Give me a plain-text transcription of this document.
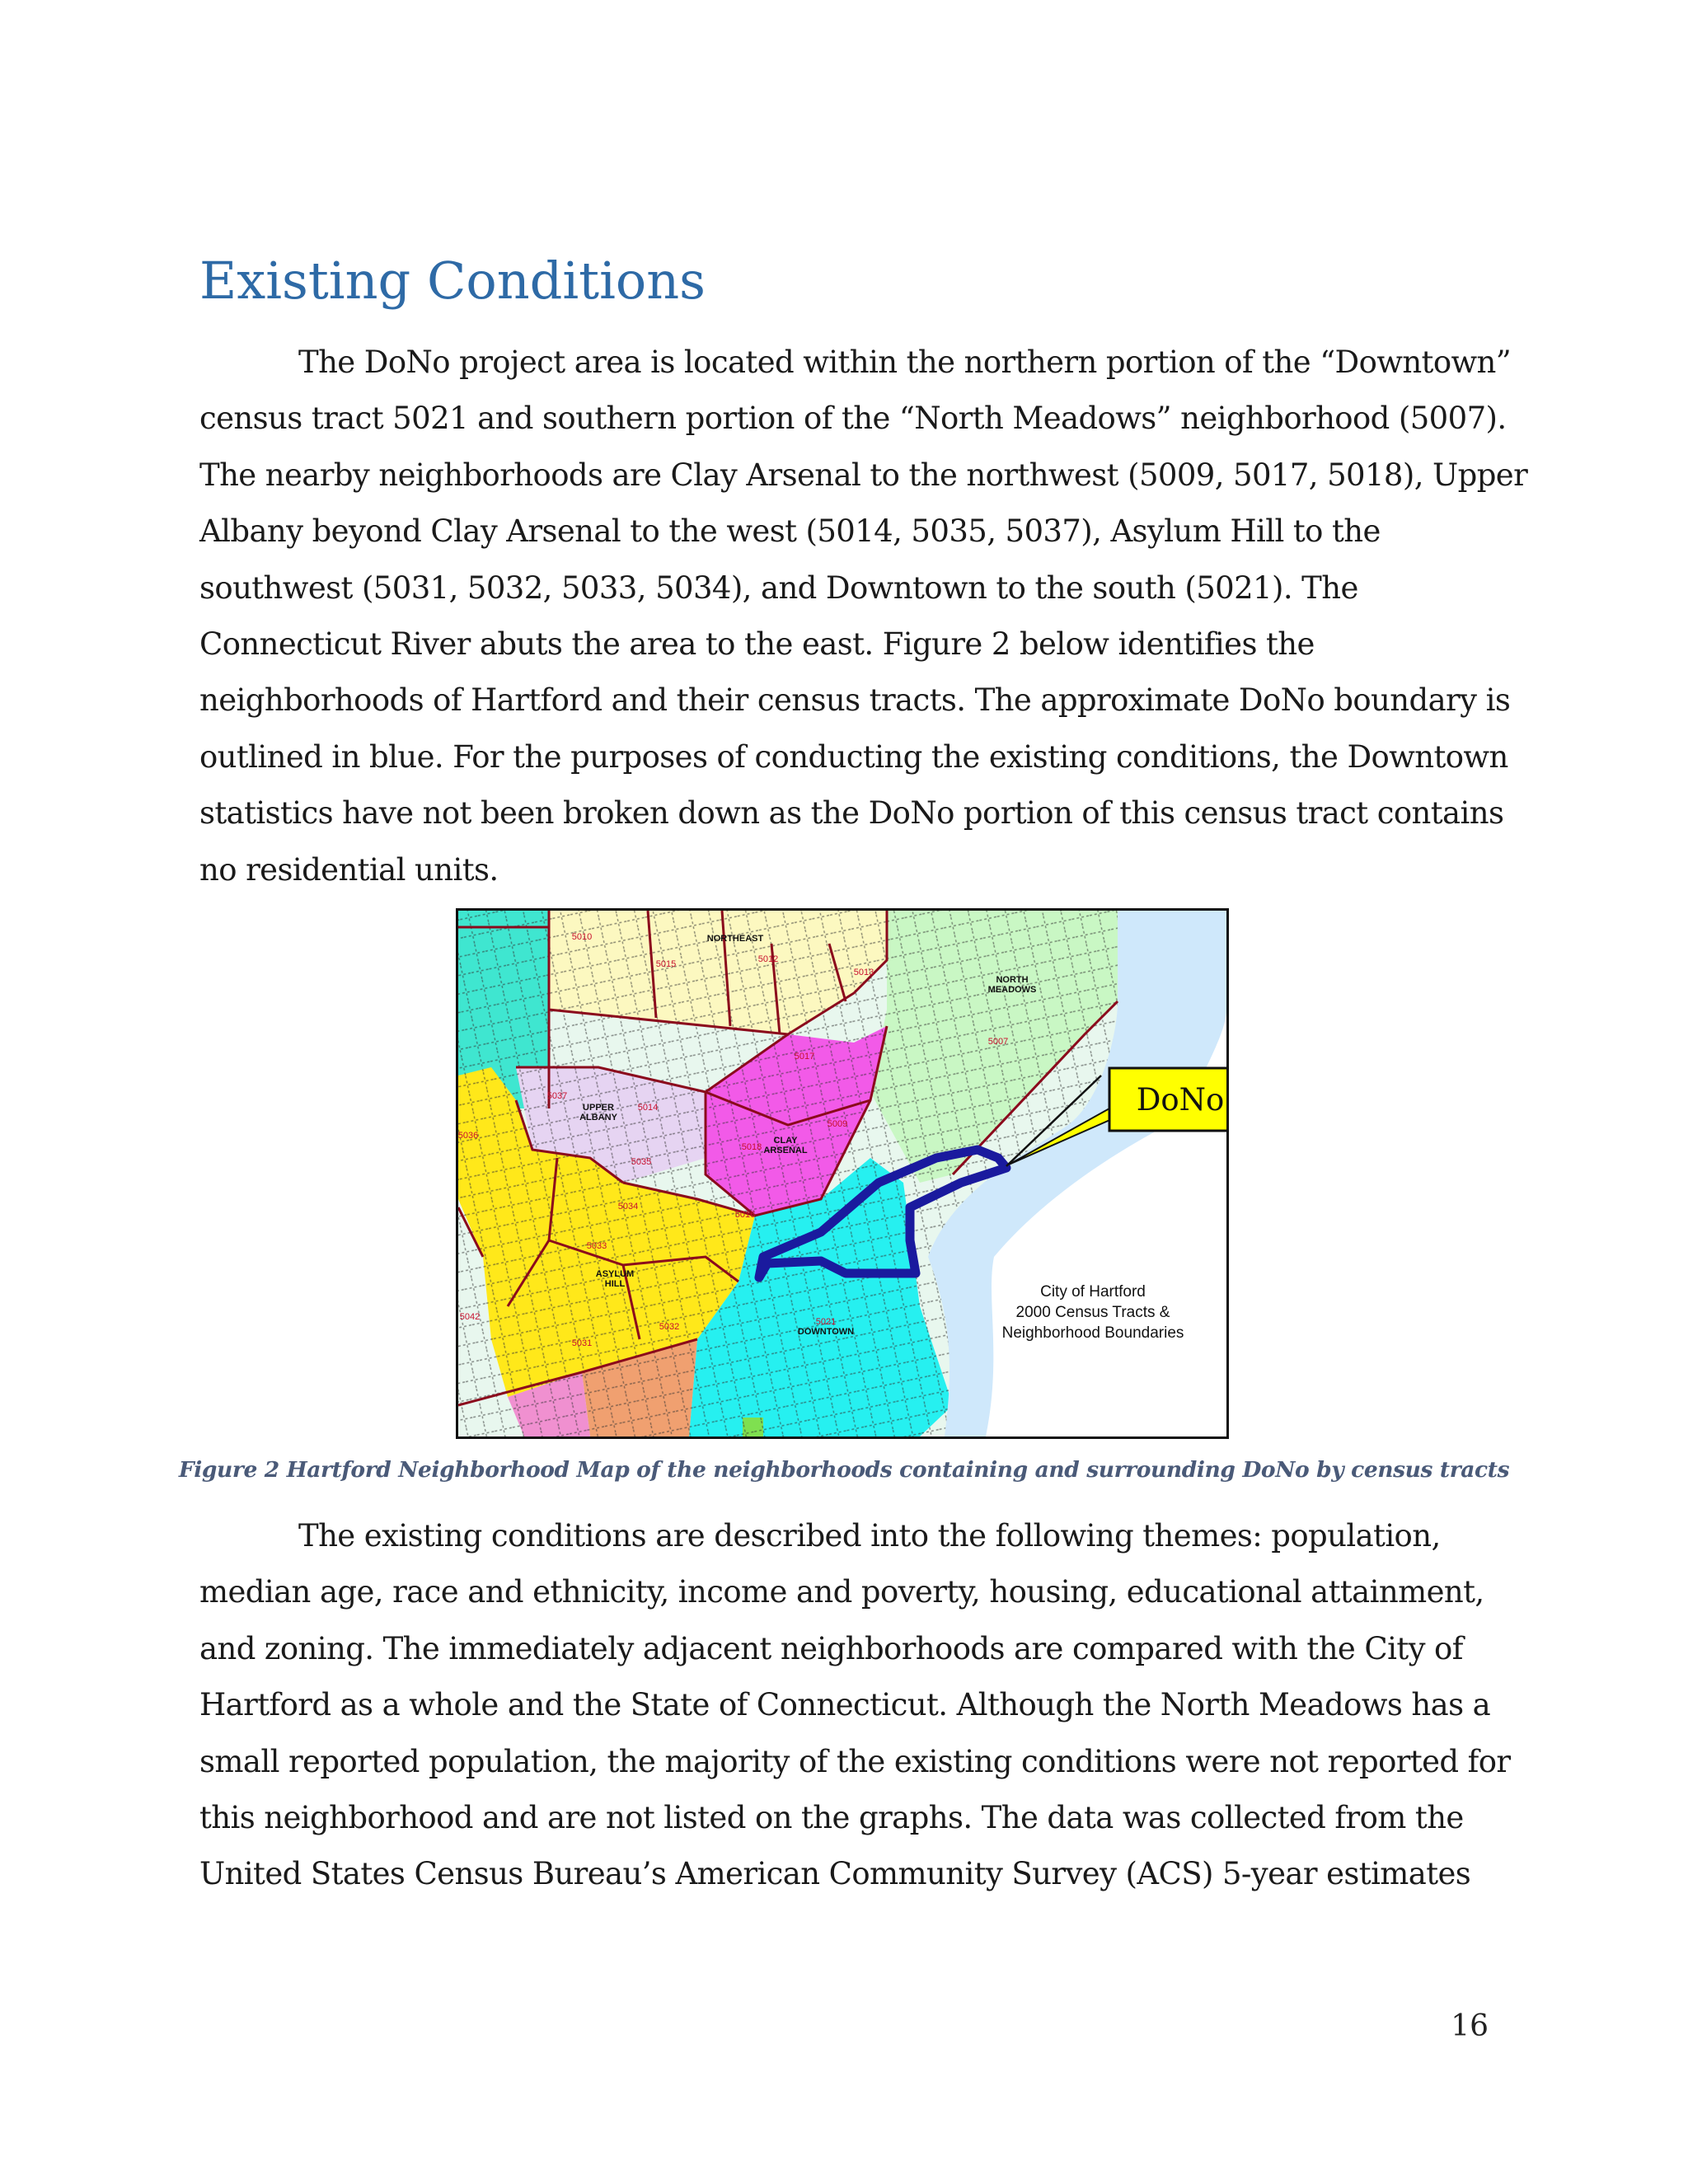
Existing Conditions

The DoNo project area is located within the northern portion of the “Downtown”
census tract 5021 and southern portion of the “North Meadows” neighborhood (5007).
The nearby neighborhoods are Clay Arsenal to the northwest (5009, 5017, 5018), Upper
Albany beyond Clay Arsenal to the west (5014, 5035, 5037), Asylum Hill to the
southwest (5031, 5032, 5033, 5034), and Downtown to the south (5021). The
Connecticut River abuts the area to the east. Figure 2 below identifies the
neighborhoods of Hartford and their census tracts. The approximate DoNo boundary is
outlined in blue. For the purposes of conducting the existing conditions, the Downtown
statistics have not been broken down as the DoNo portion of this census tract contains
no residential units.

DoNo
NORTHEAST
NORTH
MEADOWS
UPPER
ALBANY
CLAY
ARSENAL
ASYLUM
HILL
DOWNTOWN
5010
5015	5012
5013
5007
5017
5037
5014
5036
5009
5018
5035
5034
5016
5033
5032
5031
5021
5042
City of Hartford
2000 Census Tracts &
Neighborhood Boundaries
Figure 2 Hartford Neighborhood Map of the neighborhoods containing and surrounding DoNo by census tracts

The existing conditions are described into the following themes: population,
median age, race and ethnicity, income and poverty, housing, educational attainment,
and zoning. The immediately adjacent neighborhoods are compared with the City of
Hartford as a whole and the State of Connecticut. Although the North Meadows has a
small reported population, the majority of the existing conditions were not reported for
this neighborhood and are not listed on the graphs. The data was collected from the
United States Census Bureau’s American Community Survey (ACS) 5-year estimates

16
